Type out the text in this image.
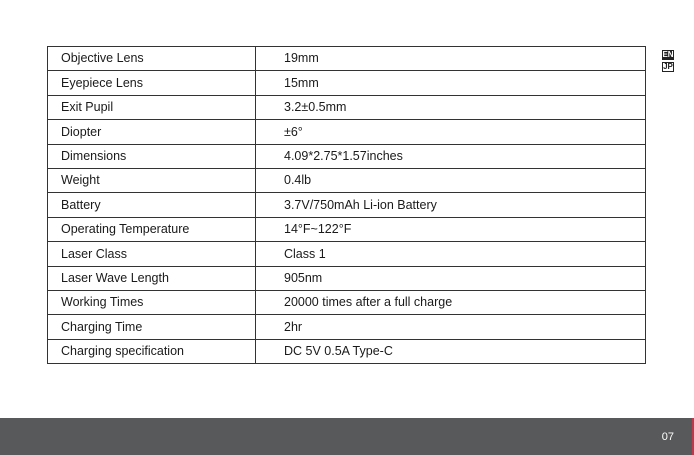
Objective Lens	19mm
Eyepiece Lens	15mm
Exit Pupil	3.2±0.5mm
Diopter	±6°
Dimensions	4.09*2.75*1.57inches
Weight	0.4lb
Battery	3.7V/750mAh Li-ion Battery
Operating Temperature	14°F~122°F
Laser Class	Class 1
Laser Wave Length	905nm
Working Times	20000 times after a full charge
Charging Time	2hr
Charging specification	DC 5V 0.5A Type-C
EN
JP
07
